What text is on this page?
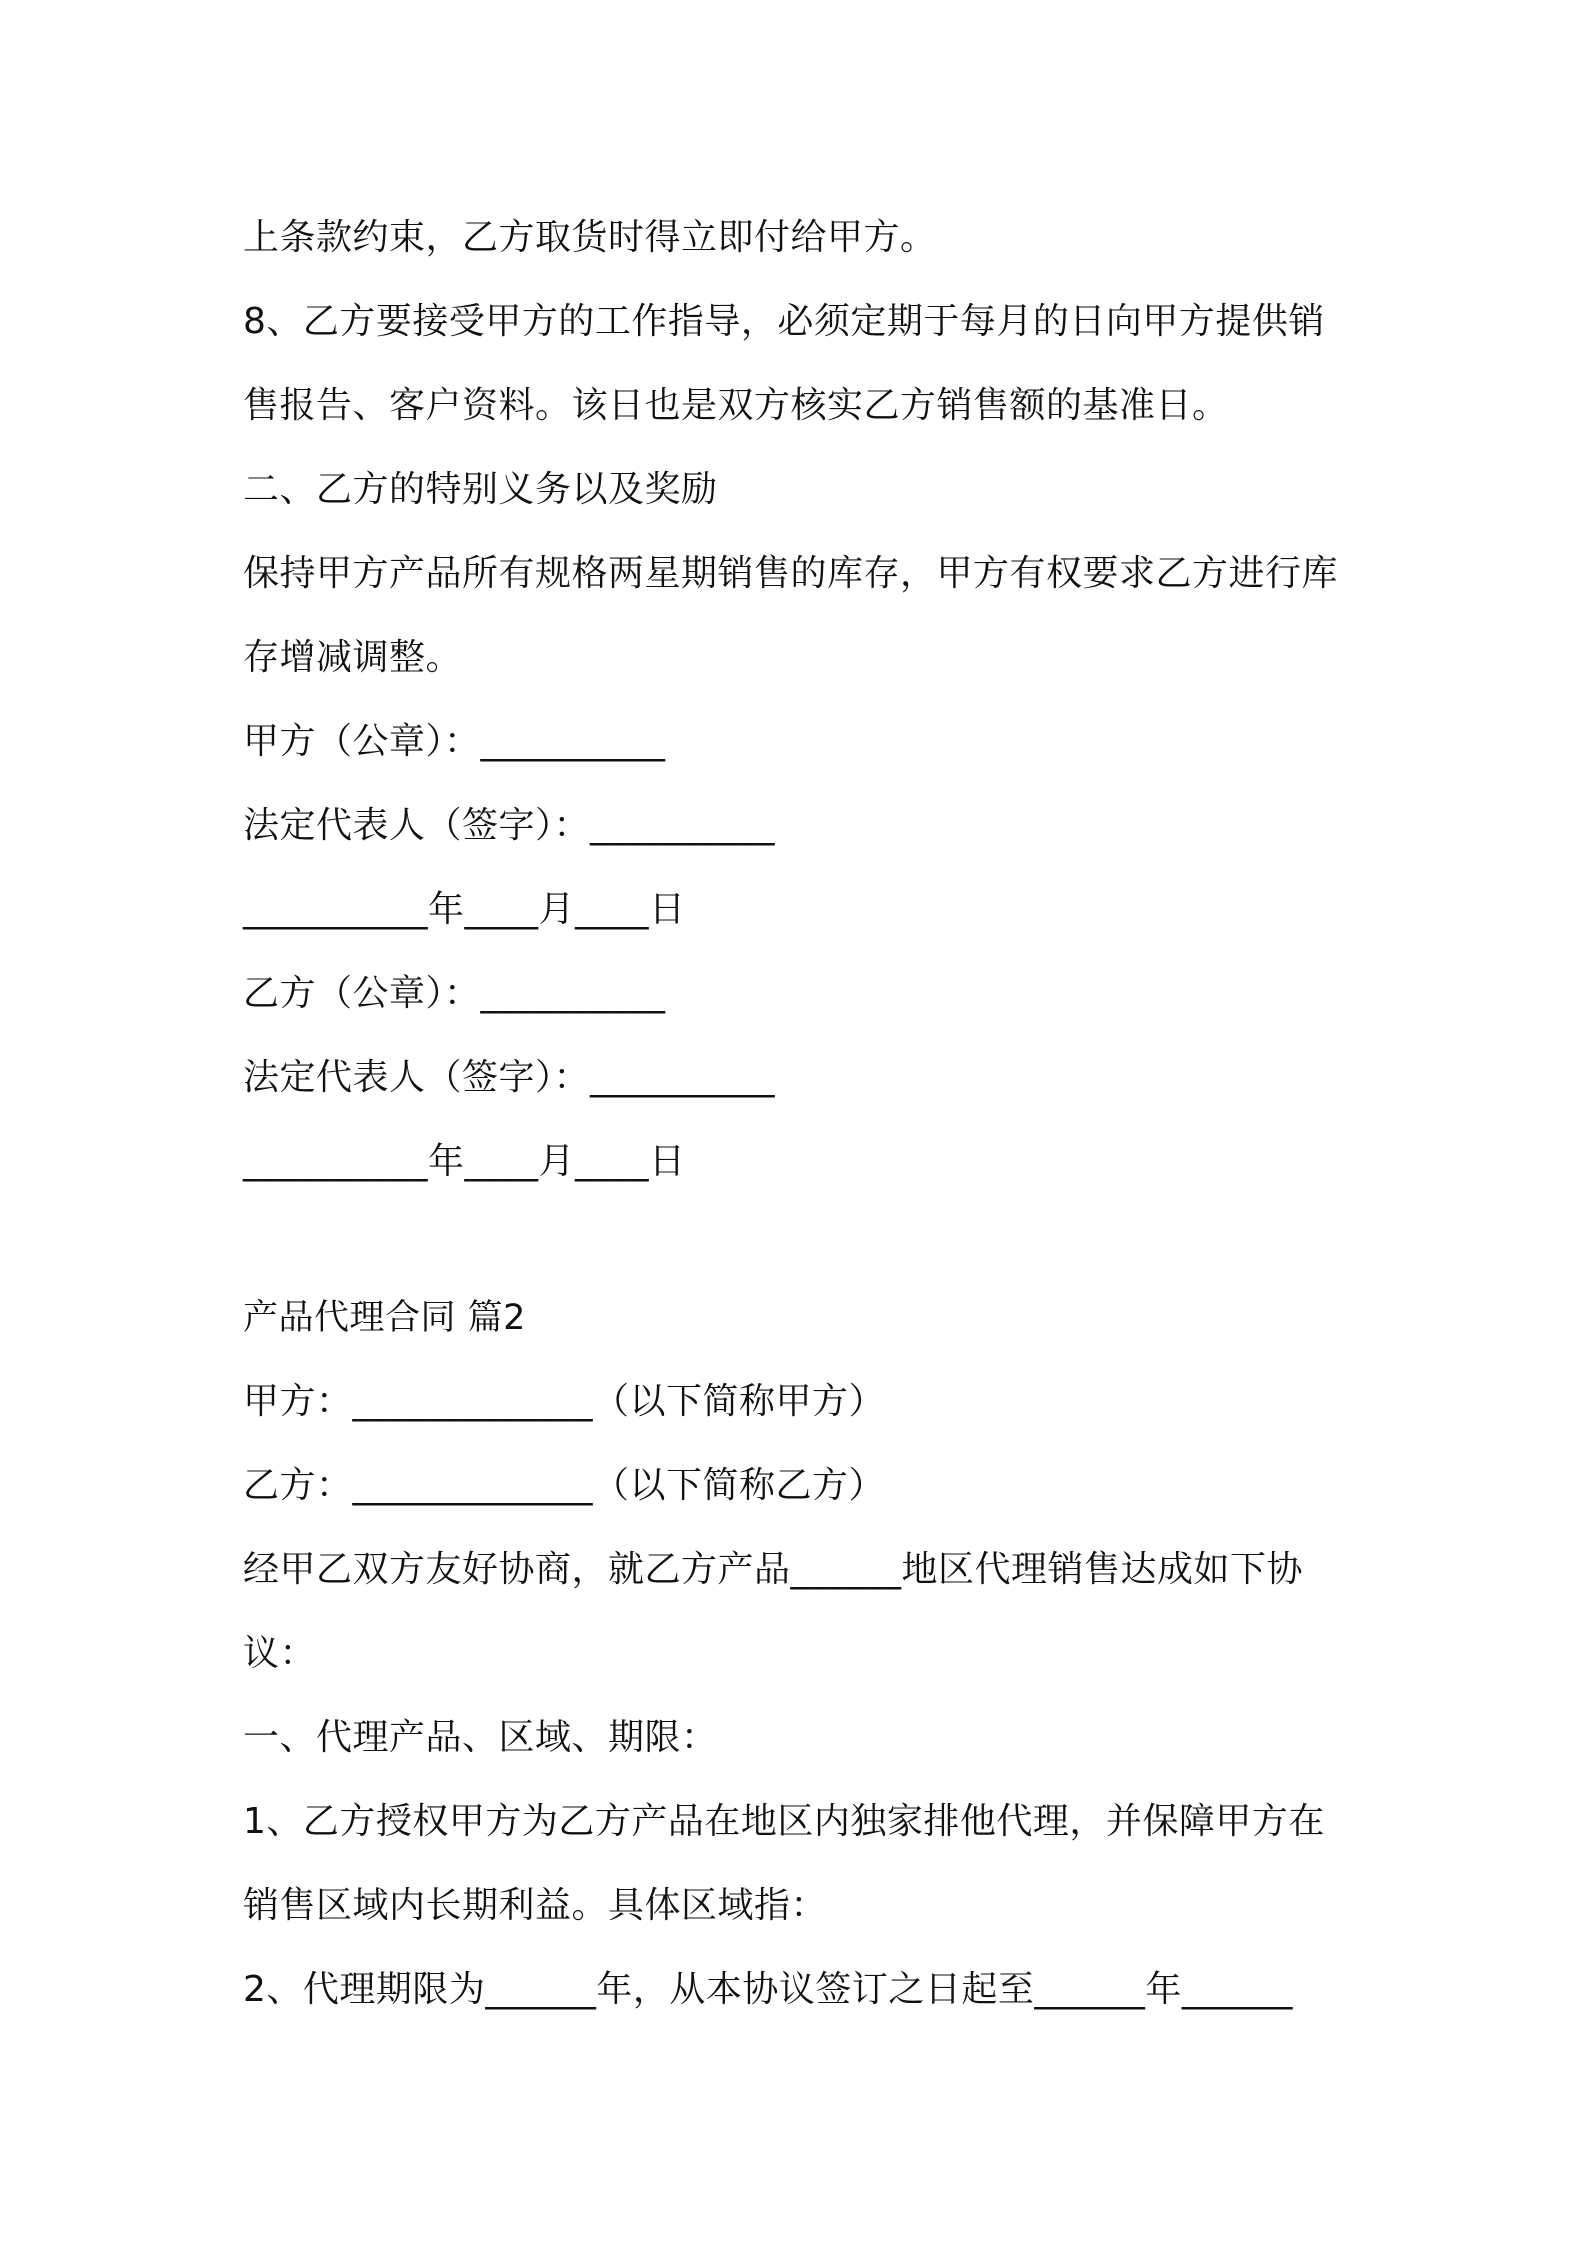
上条款约束，乙方取货时得立即付给甲方。
8、乙方要接受甲方的工作指导，必须定期于每月的日向甲方提供销
售报告、客户资料。该日也是双方核实乙方销售额的基准日。
二、乙方的特别义务以及奖励
保持甲方产品所有规格两星期销售的库存，甲方有权要求乙方进行库
存增减调整。
甲方（公章）：__________
法定代表人（签字）：__________
__________年____月____日
乙方（公章）：__________
法定代表人（签字）：__________
__________年____月____日
产品代理合同 篇2
甲方：_____________（以下简称甲方）
乙方：_____________（以下简称乙方）
经甲乙双方友好协商，就乙方产品______地区代理销售达成如下协
议：
一、代理产品、区域、期限：
1、乙方授权甲方为乙方产品在地区内独家排他代理，并保障甲方在
销售区域内长期利益。具体区域指：
2、代理期限为______年，从本协议签订之日起至______年______
